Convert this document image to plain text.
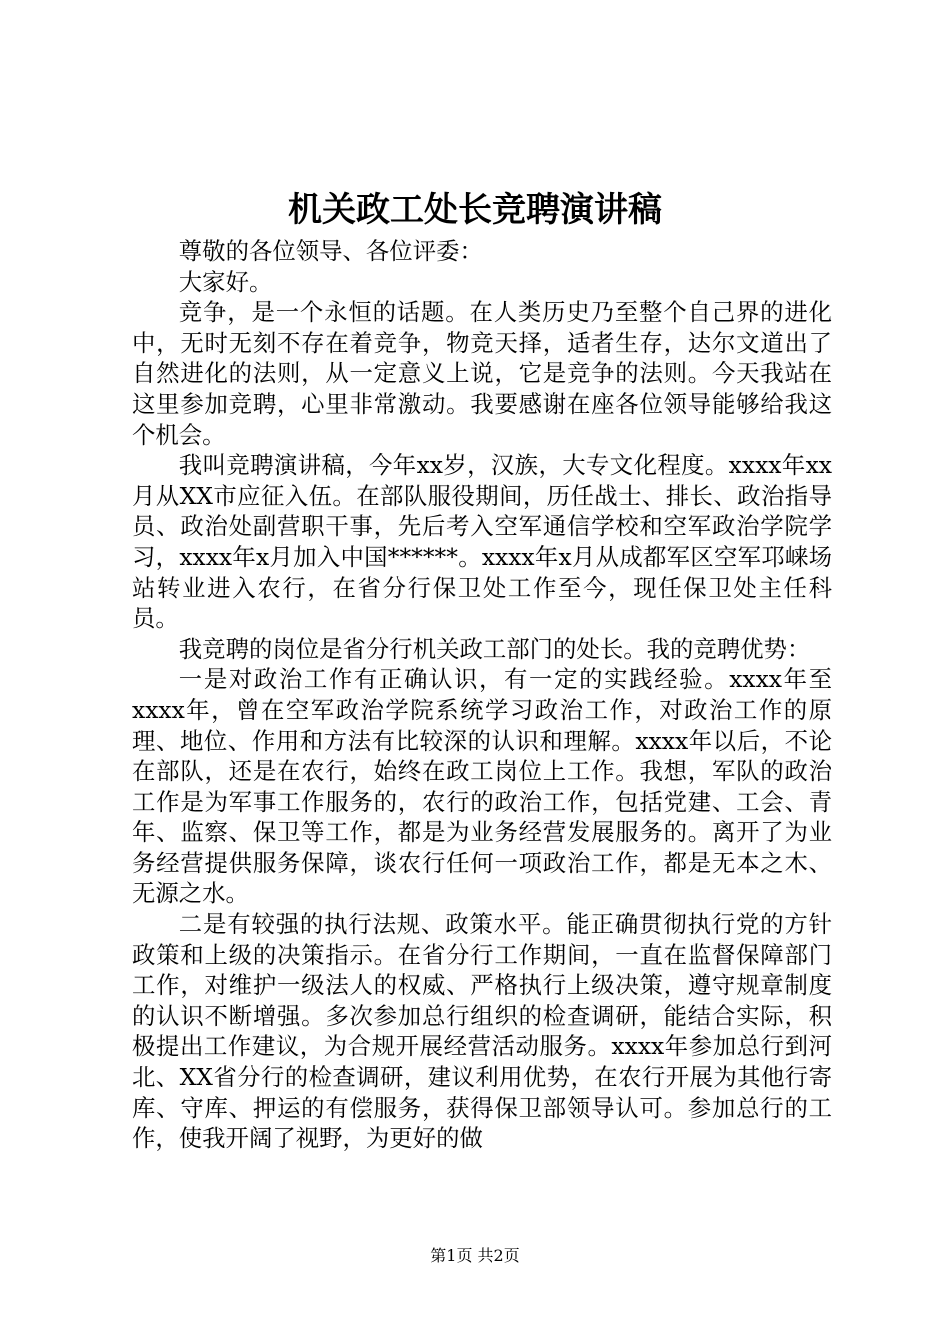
机关政工处长竞聘演讲稿

尊敬的各位领导、各位评委：

大家好。

竞争，是一个永恒的话题。在人类历史乃至整个自己界的进化中，无时无刻不存在着竞争，物竞天择，适者生存，达尔文道出了自然进化的法则，从一定意义上说，它是竞争的法则。今天我站在这里参加竞聘，心里非常激动。我要感谢在座各位领导能够给我这个机会。

我叫竞聘演讲稿，今年xx岁，汉族，大专文化程度。xxxx年xx月从XX市应征入伍。在部队服役期间，历任战士、排长、政治指导员、政治处副营职干事，先后考入空军通信学校和空军政治学院学习，xxxx年x月加入中国******。xxxx年x月从成都军区空军邛崃场站转业进入农行，在省分行保卫处工作至今，现任保卫处主任科员。

我竞聘的岗位是省分行机关政工部门的处长。我的竞聘优势：

一是对政治工作有正确认识，有一定的实践经验。xxxx年至xxxx年，曾在空军政治学院系统学习政治工作，对政治工作的原理、地位、作用和方法有比较深的认识和理解。xxxx年以后，不论在部队，还是在农行，始终在政工岗位上工作。我想，军队的政治工作是为军事工作服务的，农行的政治工作，包括党建、工会、青年、监察、保卫等工作，都是为业务经营发展服务的。离开了为业务经营提供服务保障，谈农行任何一项政治工作，都是无本之木、无源之水。

二是有较强的执行法规、政策水平。能正确贯彻执行党的方针政策和上级的决策指示。在省分行工作期间，一直在监督保障部门工作，对维护一级法人的权威、严格执行上级决策，遵守规章制度的认识不断增强。多次参加总行组织的检查调研，能结合实际，积极提出工作建议，为合规开展经营活动服务。xxxx年参加总行到河北、XX省分行的检查调研，建议利用优势，在农行开展为其他行寄库、守库、押运的有偿服务，获得保卫部领导认可。参加总行的工作，使我开阔了视野，为更好的做

第1页 共2页
